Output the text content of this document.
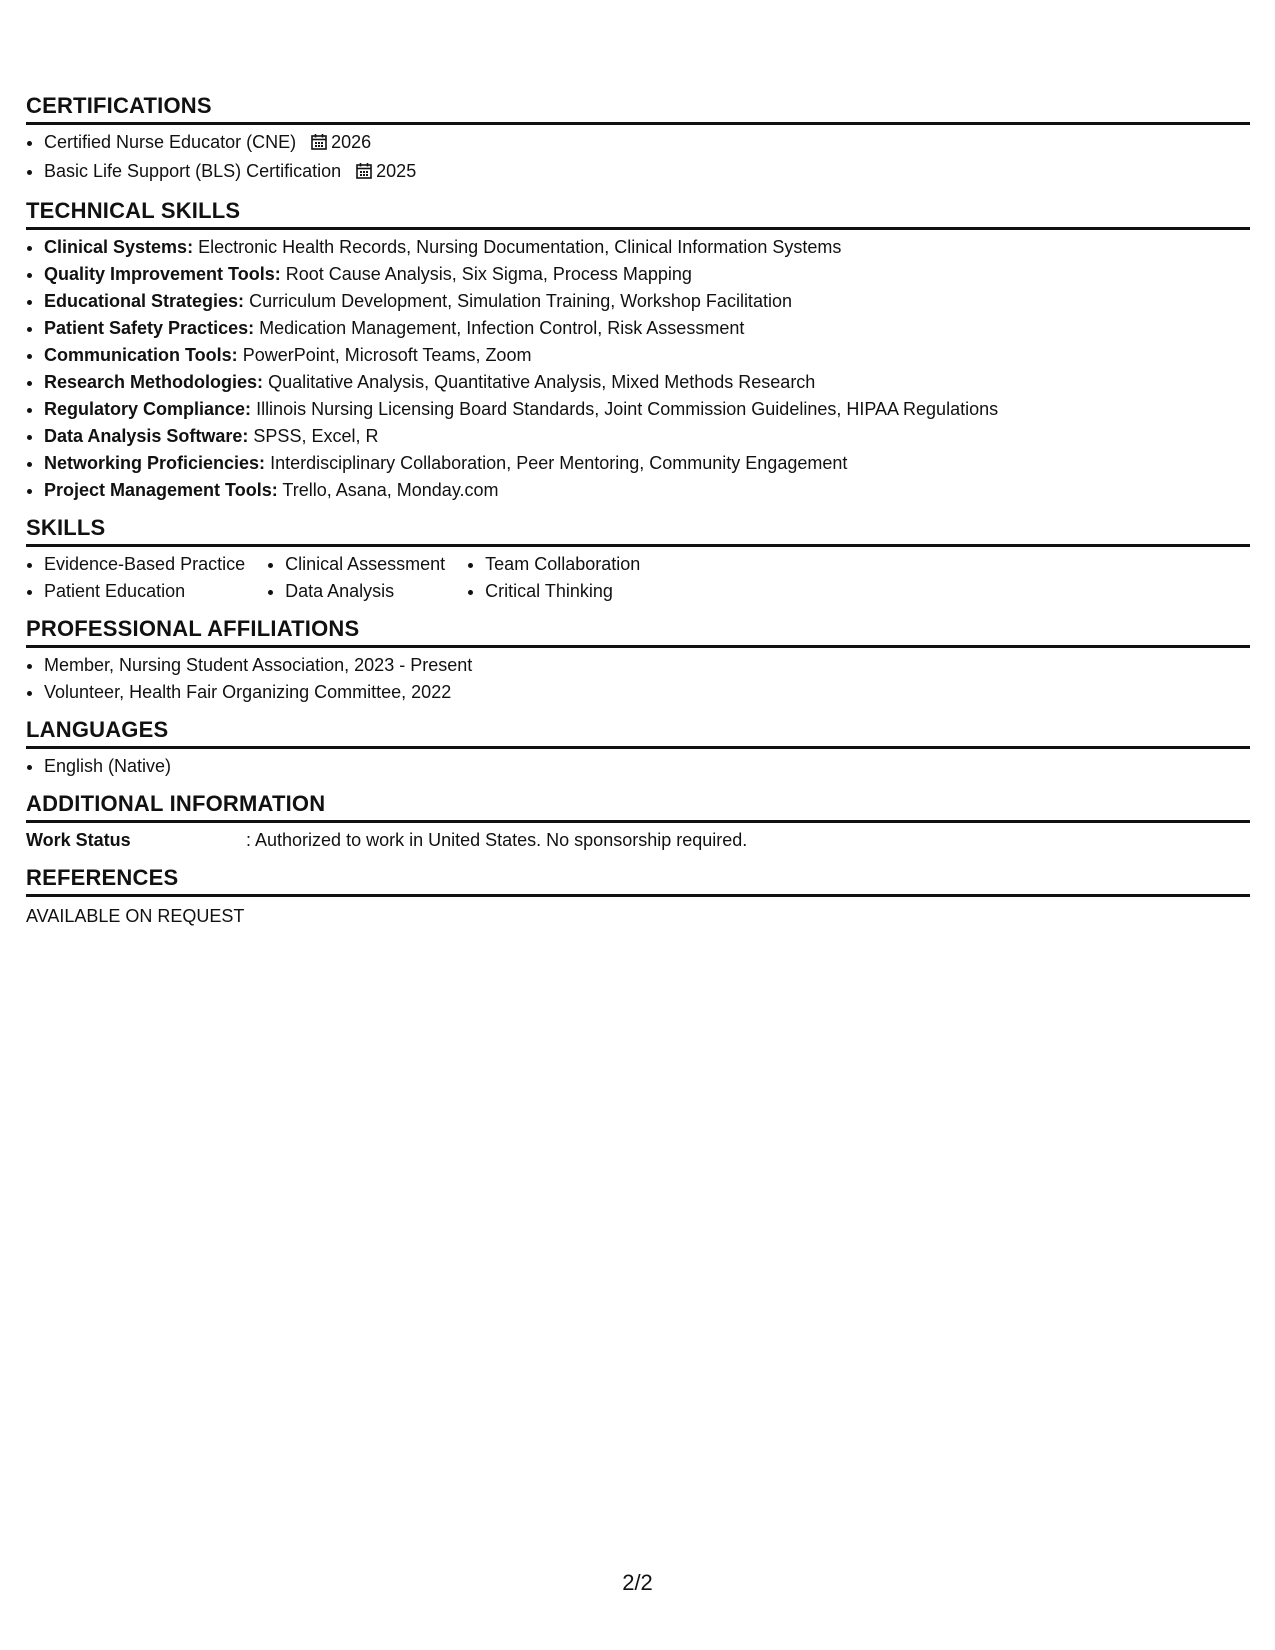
CERTIFICATIONS
• Certified Nurse Educator (CNE) 2026
• Basic Life Support (BLS) Certification 2025
TECHNICAL SKILLS
• Clinical Systems: Electronic Health Records, Nursing Documentation, Clinical Information Systems
• Quality Improvement Tools: Root Cause Analysis, Six Sigma, Process Mapping
• Educational Strategies: Curriculum Development, Simulation Training, Workshop Facilitation
• Patient Safety Practices: Medication Management, Infection Control, Risk Assessment
• Communication Tools: PowerPoint, Microsoft Teams, Zoom
• Research Methodologies: Qualitative Analysis, Quantitative Analysis, Mixed Methods Research
• Regulatory Compliance: Illinois Nursing Licensing Board Standards, Joint Commission Guidelines, HIPAA Regulations
• Data Analysis Software: SPSS, Excel, R
• Networking Proficiencies: Interdisciplinary Collaboration, Peer Mentoring, Community Engagement
• Project Management Tools: Trello, Asana, Monday.com
SKILLS
• Evidence-Based Practice
• Patient Education
• Clinical Assessment
• Data Analysis
• Team Collaboration
• Critical Thinking
PROFESSIONAL AFFILIATIONS
• Member, Nursing Student Association, 2023 - Present
• Volunteer, Health Fair Organizing Committee, 2022
LANGUAGES
• English (Native)
ADDITIONAL INFORMATION
Work Status	: Authorized to work in United States. No sponsorship required.
REFERENCES
AVAILABLE ON REQUEST
2/2
